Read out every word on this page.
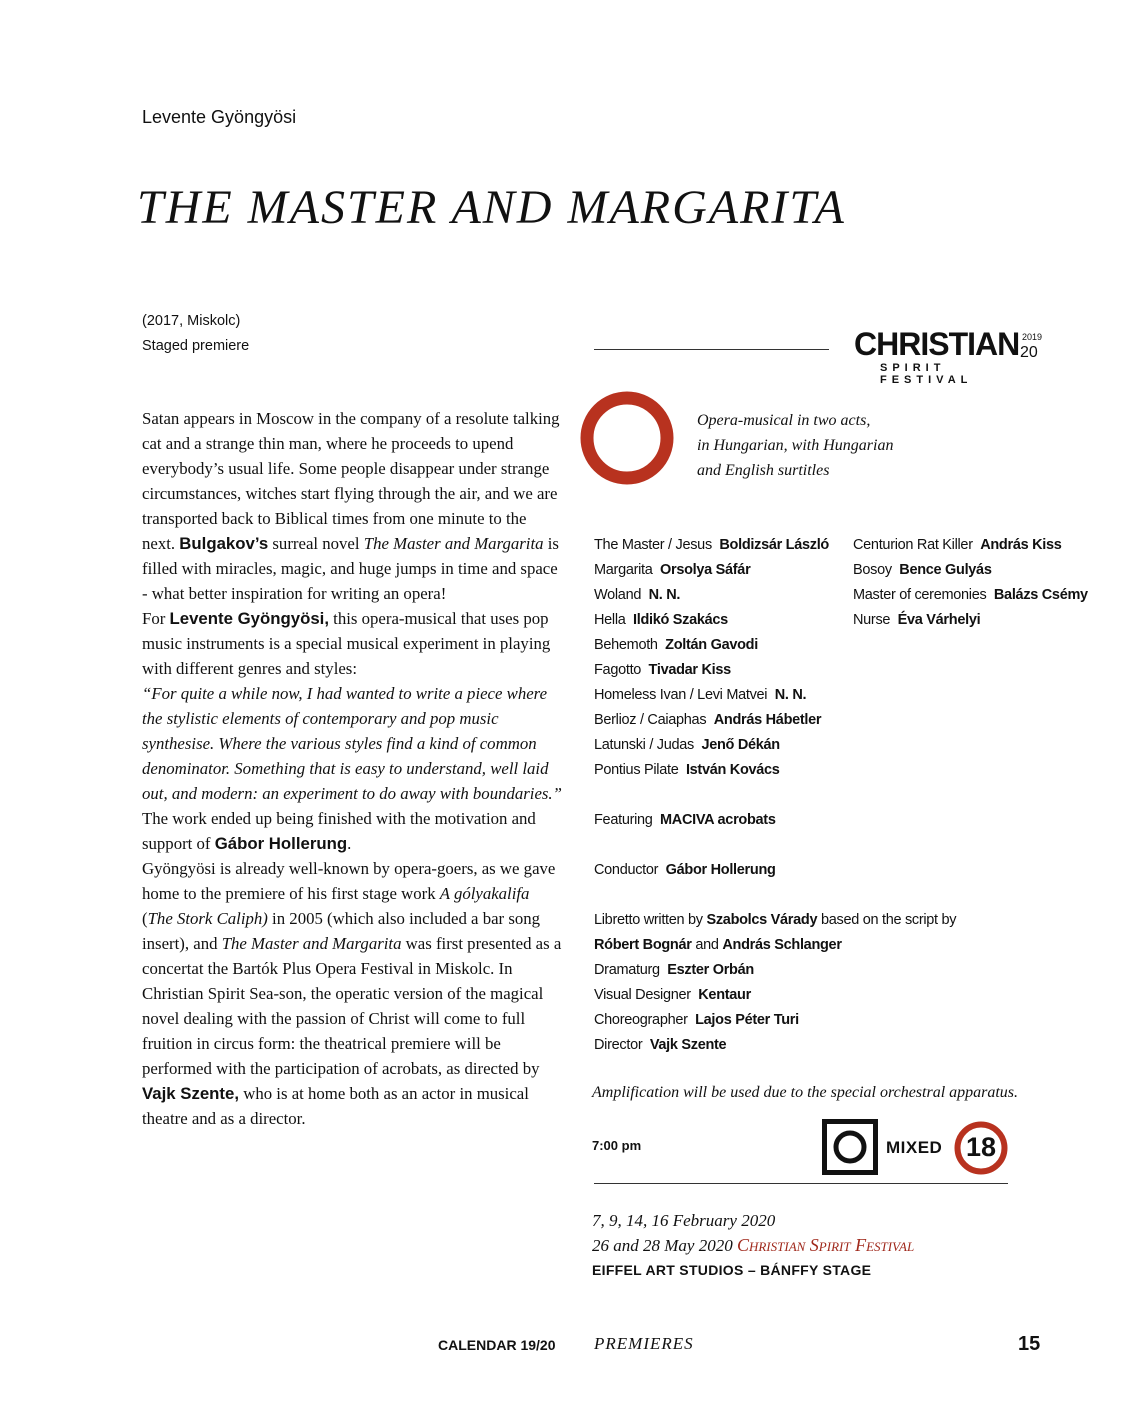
Levente Gyöngyösi
THE MASTER AND MARGARITA
(2017, Miskolc)
Staged premiere
Satan appears in Moscow in the company of a resolute talking cat and a strange thin man, where he proceeds to upend everybody’s usual life. Some people disappear under strange circumstances, witches start flying through the air, and we are transported back to Biblical times from one minute to the next. Bulgakov’s surreal novel The Master and Margarita is filled with miracles, magic, and huge jumps in time and space - what better inspiration for writing an opera!
For Levente Gyöngyösi, this opera-musical that uses pop music instruments is a special musical experiment in playing with different genres and styles:
“For quite a while now, I had wanted to write a piece where the stylistic elements of contemporary and pop music synthesise. Where the various styles find a kind of common denominator. Something that is easy to understand, well laid out, and modern: an experiment to do away with boundaries.” The work ended up being finished with the motivation and support of Gábor Hollerung.
Gyöngyösi is already well-known by opera-goers, as we gave home to the premiere of his first stage work A gólyakalifa (The Stork Caliph) in 2005 (which also included a bar song insert), and The Master and Margarita was first presented as a concertat the Bartók Plus Opera Festival in Miskolc. In Christian Spirit Sea-son, the operatic version of the magical novel dealing with the passion of Christ will come to full fruition in circus form: the theatrical premiere will be performed with the participation of acrobats, as directed by Vajk Szente, who is at home both as an actor in musical theatre and as a director.
CHRISTIAN
SPIRIT FESTIVAL
2019
20
Opera-musical in two acts,
in Hungarian, with Hungarian
and English surtitles
The Master / Jesus Boldizsár László
Margarita Orsolya Sáfár
Woland N. N.
Hella Ildikó Szakács
Behemoth Zoltán Gavodi
Fagotto Tivadar Kiss
Homeless Ivan / Levi Matvei N. N.
Berlioz / Caiaphas András Hábetler
Latunski / Judas Jenő Dékán
Pontius Pilate István Kovács
Centurion Rat Killer András Kiss
Bosoy Bence Gulyás
Master of ceremonies Balázs Csémy
Nurse Éva Várhelyi
Featuring MACIVA acrobats
Conductor Gábor Hollerung
Libretto written by Szabolcs Várady based on the script by
Róbert Bognár and András Schlanger
Dramaturg Eszter Orbán
Visual Designer Kentaur
Choreographer Lajos Péter Turi
Director Vajk Szente
Amplification will be used due to the special orchestral apparatus.
7:00 pm	MIXED 18
7, 9, 14, 16 February 2020
26 and 28 May 2020 Christian Spirit Festival
EIFFEL ART STUDIOS – BÁNFFY STAGE
CALENDAR 19/20 PREMIERES	15
